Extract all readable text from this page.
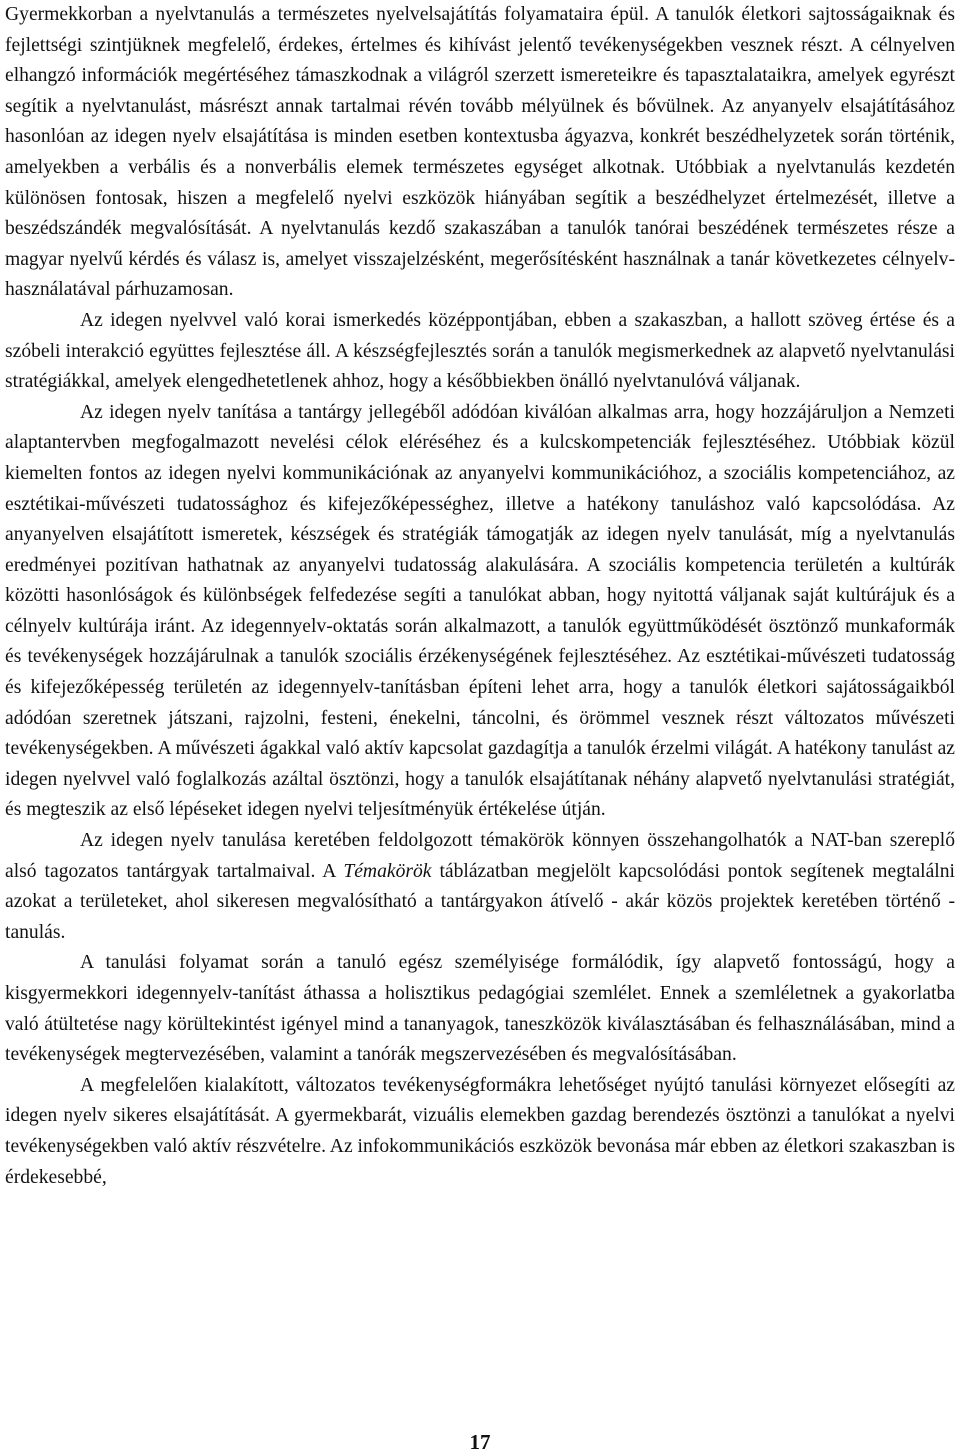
Gyermekkorban a nyelvtanulás a természetes nyelvelsajátítás folyamataira épül. A tanulók életkori sajtosságaiknak és fejlettségi szintjüknek megfelelő, érdekes, értelmes és kihívást jelentő tevékenységekben vesznek részt. A célnyelven elhangzó információk megértéséhez támaszkodnak a világról szerzett ismereteikre és tapasztalataikra, amelyek egyrészt segítik a nyelvtanulást, másrészt annak tartalmai révén tovább mélyülnek és bővülnek. Az anyanyelv elsajátításához hasonlóan az idegen nyelv elsajátítása is minden esetben kontextusba ágyazva, konkrét beszédhelyzetek során történik, amelyekben a verbális és a nonverbális elemek természetes egységet alkotnak. Utóbbiak a nyelvtanulás kezdetén különösen fontosak, hiszen a megfelelő nyelvi eszközök hiányában segítik a beszédhelyzet értelmezését, illetve a beszédszándék megvalósítását. A nyelvtanulás kezdő szakaszában a tanulók tanórai beszédének természetes része a magyar nyelvű kérdés és válasz is, amelyet visszajelzésként, megerősítésként használnak a tanár következetes célnyelv-használatával párhuzamosan.

Az idegen nyelvvel való korai ismerkedés középpontjában, ebben a szakaszban, a hallott szöveg értése és a szóbeli interakció együttes fejlesztése áll. A készségfejlesztés során a tanulók megismerkednek az alapvető nyelvtanulási stratégiákkal, amelyek elengedhetetlenek ahhoz, hogy a későbbiekben önálló nyelvtanulóvá váljanak.

Az idegen nyelv tanítása a tantárgy jellegéből adódóan kiválóan alkalmas arra, hogy hozzájáruljon a Nemzeti alaptantervben megfogalmazott nevelési célok eléréséhez és a kulcskompetenciák fejlesztéséhez. Utóbbiak közül kiemelten fontos az idegen nyelvi kommunikációnak az anyanyelvi kommunikációhoz, a szociális kompetenciához, az esztétikai-művészeti tudatossághoz és kifejezőképességhez, illetve a hatékony tanuláshoz való kapcsolódása. Az anyanyelven elsajátított ismeretek, készségek és stratégiák támogatják az idegen nyelv tanulását, míg a nyelvtanulás eredményei pozitívan hathatnak az anyanyelvi tudatosság alakulására. A szociális kompetencia területén a kultúrák közötti hasonlóságok és különbségek felfedezése segíti a tanulókat abban, hogy nyitottá váljanak saját kultúrájuk és a célnyelv kultúrája iránt. Az idegennyelv-oktatás során alkalmazott, a tanulók együttműködését ösztönző munkaformák és tevékenységek hozzájárulnak a tanulók szociális érzékenységének fejlesztéséhez. Az esztétikai-művészeti tudatosság és kifejezőképesség területén az idegennyelv-tanításban építeni lehet arra, hogy a tanulók életkori sajátosságaikból adódóan szeretnek játszani, rajzolni, festeni, énekelni, táncolni, és örömmel vesznek részt változatos művészeti tevékenységekben. A művészeti ágakkal való aktív kapcsolat gazdagítja a tanulók érzelmi világát. A hatékony tanulást az idegen nyelvvel való foglalkozás azáltal ösztönzi, hogy a tanulók elsajátítanak néhány alapvető nyelvtanulási stratégiát, és megteszik az első lépéseket idegen nyelvi teljesítményük értékelése útján.

Az idegen nyelv tanulása keretében feldolgozott témakörök könnyen összehangolhatók a NAT-ban szereplő alsó tagozatos tantárgyak tartalmaival. A Témakörök táblázatban megjelölt kapcsolódási pontok segítenek megtalálni azokat a területeket, ahol sikeresen megvalósítható a tantárgyakon átívelő - akár közös projektek keretében történő - tanulás.

A tanulási folyamat során a tanuló egész személyisége formálódik, így alapvető fontosságú, hogy a kisgyermekkori idegennyelv-tanítást áthassa a holisztikus pedagógiai szemlélet. Ennek a szemléletnek a gyakorlatba való átültetése nagy körültekintést igényel mind a tananyagok, taneszközök kiválasztásában és felhasználásában, mind a tevékenységek megtervezésében, valamint a tanórák megszervezésében és megvalósításában.

A megfelelően kialakított, változatos tevékenységformákra lehetőséget nyújtó tanulási környezet elősegíti az idegen nyelv sikeres elsajátítását. A gyermekbarát, vizuális elemekben gazdag berendezés ösztönzi a tanulókat a nyelvi tevékenységekben való aktív részvételre. Az infokommunikációs eszközök bevonása már ebben az életkori szakaszban is érdekesebbé,

17
